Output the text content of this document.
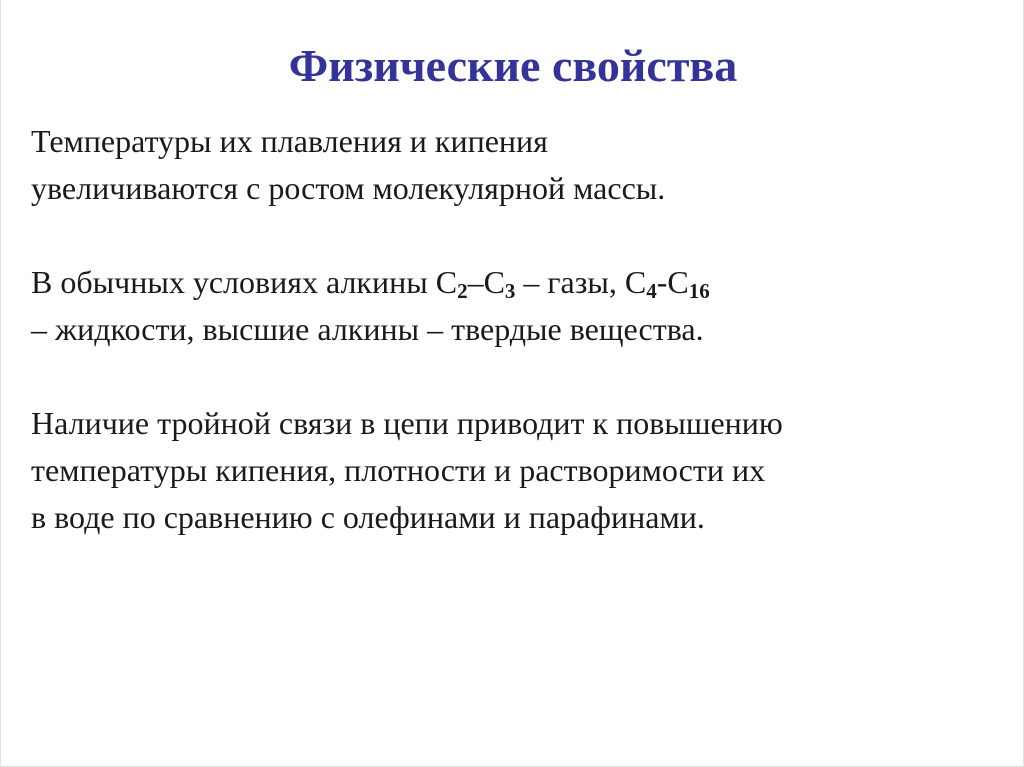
Физические свойства

Температуры их плавления и кипения
увеличиваются с ростом молекулярной массы.

В обычных условиях алкины $C_2-C_3$ – газы, $C_4-C_{16}$
– жидкости, высшие алкины – твердые вещества.

Наличие тройной связи в цепи приводит к повышению
температуры кипения, плотности и растворимости их
в воде по сравнению с олефинами и парафинами.
